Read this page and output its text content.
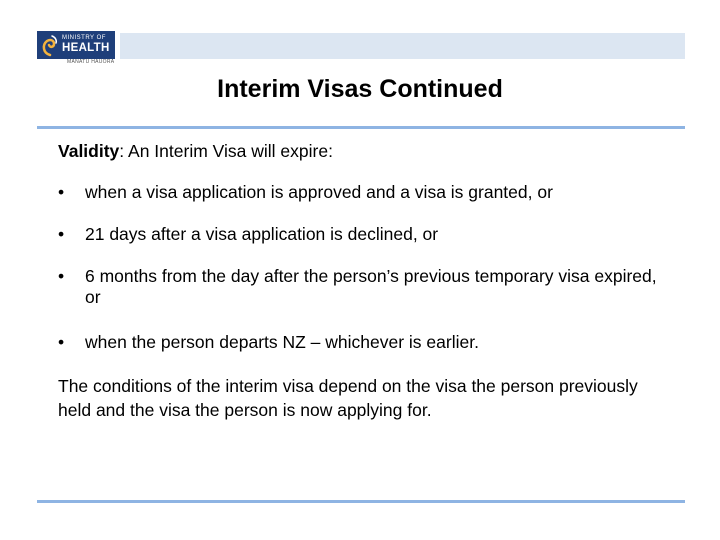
MINISTRY OF
HEALTH
MANATŪ HAUORA
Interim Visas Continued
Validity: An Interim Visa will expire:
• when a visa application is approved and a visa is granted, or
• 21 days after a visa application is declined, or
• 6 months from the day after the person’s previous temporary visa expired, or
• when the person departs NZ – whichever is earlier.
The conditions of the interim visa depend on the visa the person previously held and the visa the person is now applying for.
